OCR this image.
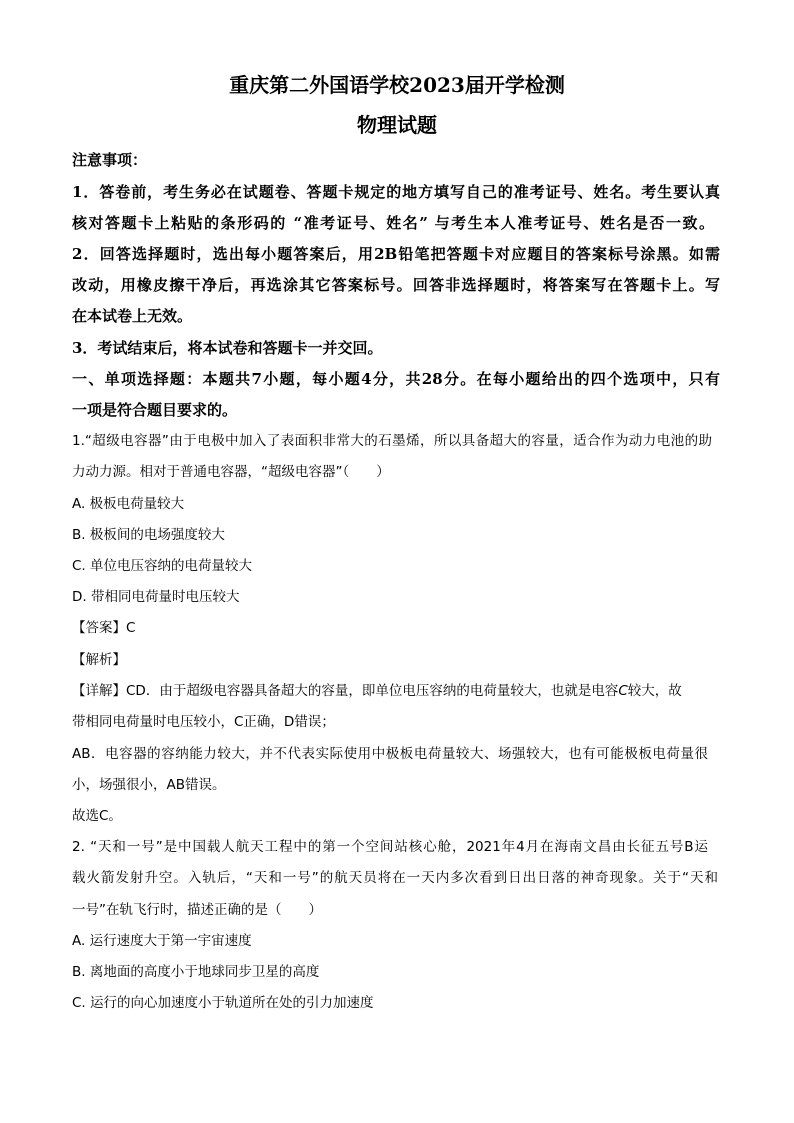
重庆第二外国语学校2023届开学检测
物理试题
注意事项：
1．答卷前，考生务必在试题卷、答题卡规定的地方填写自己的准考证号、姓名。考生要认真
核对答题卡上粘贴的条形码的 “准考证号、姓名” 与考生本人准考证号、姓名是否一致。
2．回答选择题时，选出每小题答案后，用2B铅笔把答题卡对应题目的答案标号涂黑。如需
改动，用橡皮擦干净后，再选涂其它答案标号。回答非选择题时，将答案写在答题卡上。写
在本试卷上无效。
3．考试结束后，将本试卷和答题卡一并交回。
一、单项选择题：本题共7小题，每小题4分，共28分。在每小题给出的四个选项中，只有
一项是符合题目要求的。
1.“超级电容器”由于电极中加入了表面积非常大的石墨烯，所以具备超大的容量，适合作为动力电池的助
力动力源。相对于普通电容器，“超级电容器”（　　）
A. 极板电荷量较大
B. 极板间的电场强度较大
C. 单位电压容纳的电荷量较大
D. 带相同电荷量时电压较大
【答案】C
【解析】
【详解】CD．由于超级电容器具备超大的容量，即单位电压容纳的电荷量较大，也就是电容C较大，故
带相同电荷量时电压较小，C正确，D错误；
AB．电容器的容纳能力较大，并不代表实际使用中极板电荷量较大、场强较大，也有可能极板电荷量很
小，场强很小，AB错误。
故选C。
2. “天和一号”是中国载人航天工程中的第一个空间站核心舱，2021年4月在海南文昌由长征五号B运
载火箭发射升空。入轨后，“天和一号”的航天员将在一天内多次看到日出日落的神奇现象。关于“天和
一号”在轨飞行时，描述正确的是（　　）
A. 运行速度大于第一宇宙速度
B. 离地面的高度小于地球同步卫星的高度
C. 运行的向心加速度小于轨道所在处的引力加速度
